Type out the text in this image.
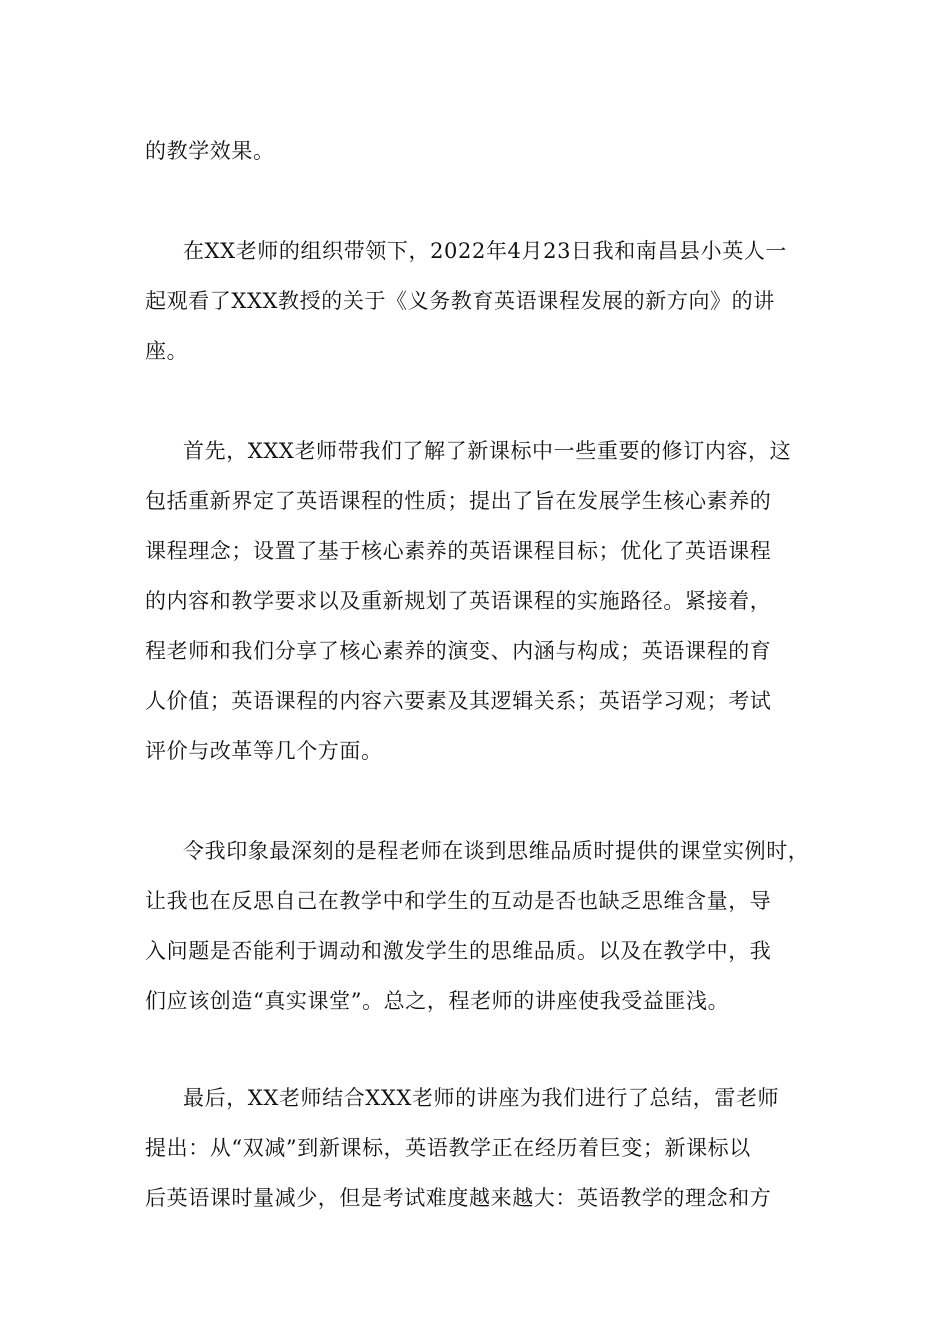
的教学效果。
在XX老师的组织带领下，2022年4月23日我和南昌县小英人一
起观看了XXX教授的关于《义务教育英语课程发展的新方向》的讲
座。
首先，XXX老师带我们了解了新课标中一些重要的修订内容，这
包括重新界定了英语课程的性质；提出了旨在发展学生核心素养的
课程理念；设置了基于核心素养的英语课程目标；优化了英语课程
的内容和教学要求以及重新规划了英语课程的实施路径。紧接着，
程老师和我们分享了核心素养的演变、内涵与构成；英语课程的育
人价值；英语课程的内容六要素及其逻辑关系；英语学习观；考试
评价与改革等几个方面。
令我印象最深刻的是程老师在谈到思维品质时提供的课堂实例时，
让我也在反思自己在教学中和学生的互动是否也缺乏思维含量，导
入问题是否能利于调动和激发学生的思维品质。以及在教学中，我
们应该创造“真实课堂”。总之，程老师的讲座使我受益匪浅。
最后，XX老师结合XXX老师的讲座为我们进行了总结，雷老师
提出：从“双减”到新课标，英语教学正在经历着巨变；新课标以
后英语课时量减少，但是考试难度越来越大：英语教学的理念和方
